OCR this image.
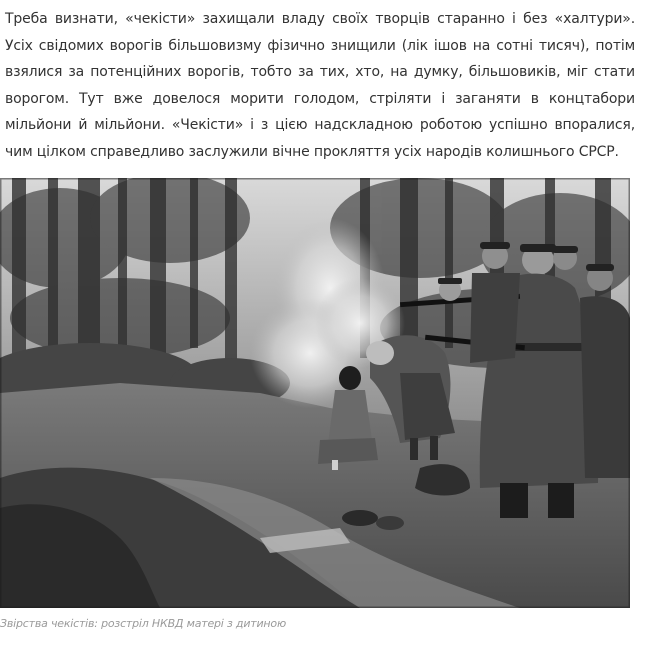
Треба визнати, «чекісти» захищали владу своїх творців старанно і без «халтури». Усіх свідомих ворогів більшовизму фізично знищили (лік ішов на сотні тисяч), потім взялися за потенційних ворогів, тобто за тих, хто, на думку, більшовиків, міг стати ворогом. Тут вже довелося морити голодом, стріляти і заганяти в концтабори мільйони й мільйони. «Чекісти» і з цією надскладною роботою успішно впоралися, чим цілком справедливо заслужили вічне прокляття усіх народів колишнього СРСР.

Звірства чекістів: розстріл НКВД матері з дитиною
